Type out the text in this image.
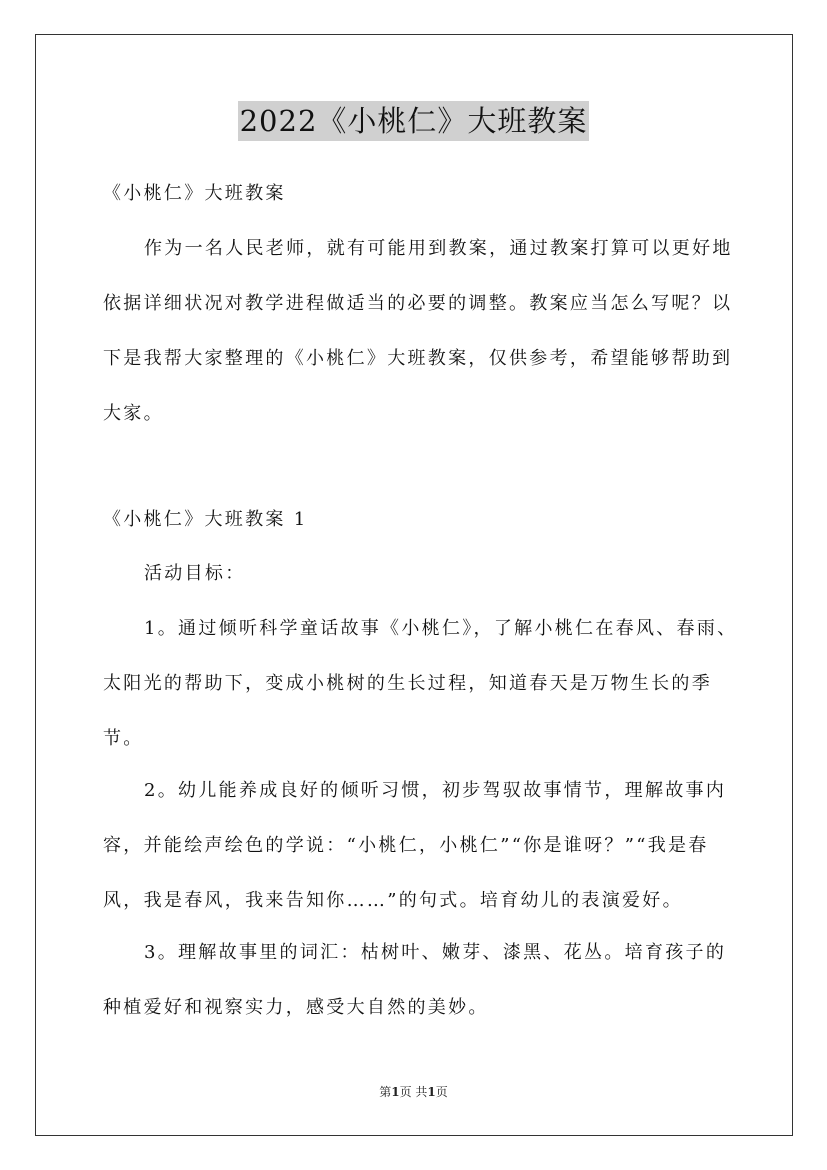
2022《小桃仁》大班教案
《小桃仁》大班教案
作为一名人民老师，就有可能用到教案，通过教案打算可以更好地依据详细状况对教学进程做适当的必要的调整。教案应当怎么写呢？以下是我帮大家整理的《小桃仁》大班教案，仅供参考，希望能够帮助到大家。
《小桃仁》大班教案 1
活动目标：
1。通过倾听科学童话故事《小桃仁》，了解小桃仁在春风、春雨、太阳光的帮助下，变成小桃树的生长过程，知道春天是万物生长的季节。
2。幼儿能养成良好的倾听习惯，初步驾驭故事情节，理解故事内容，并能绘声绘色的学说：“小桃仁，小桃仁”“你是谁呀？”“我是春风，我是春风，我来告知你……”的句式。培育幼儿的表演爱好。
3。理解故事里的词汇：枯树叶、嫩芽、漆黑、花丛。培育孩子的种植爱好和视察实力，感受大自然的美妙。
第1页 共1页
